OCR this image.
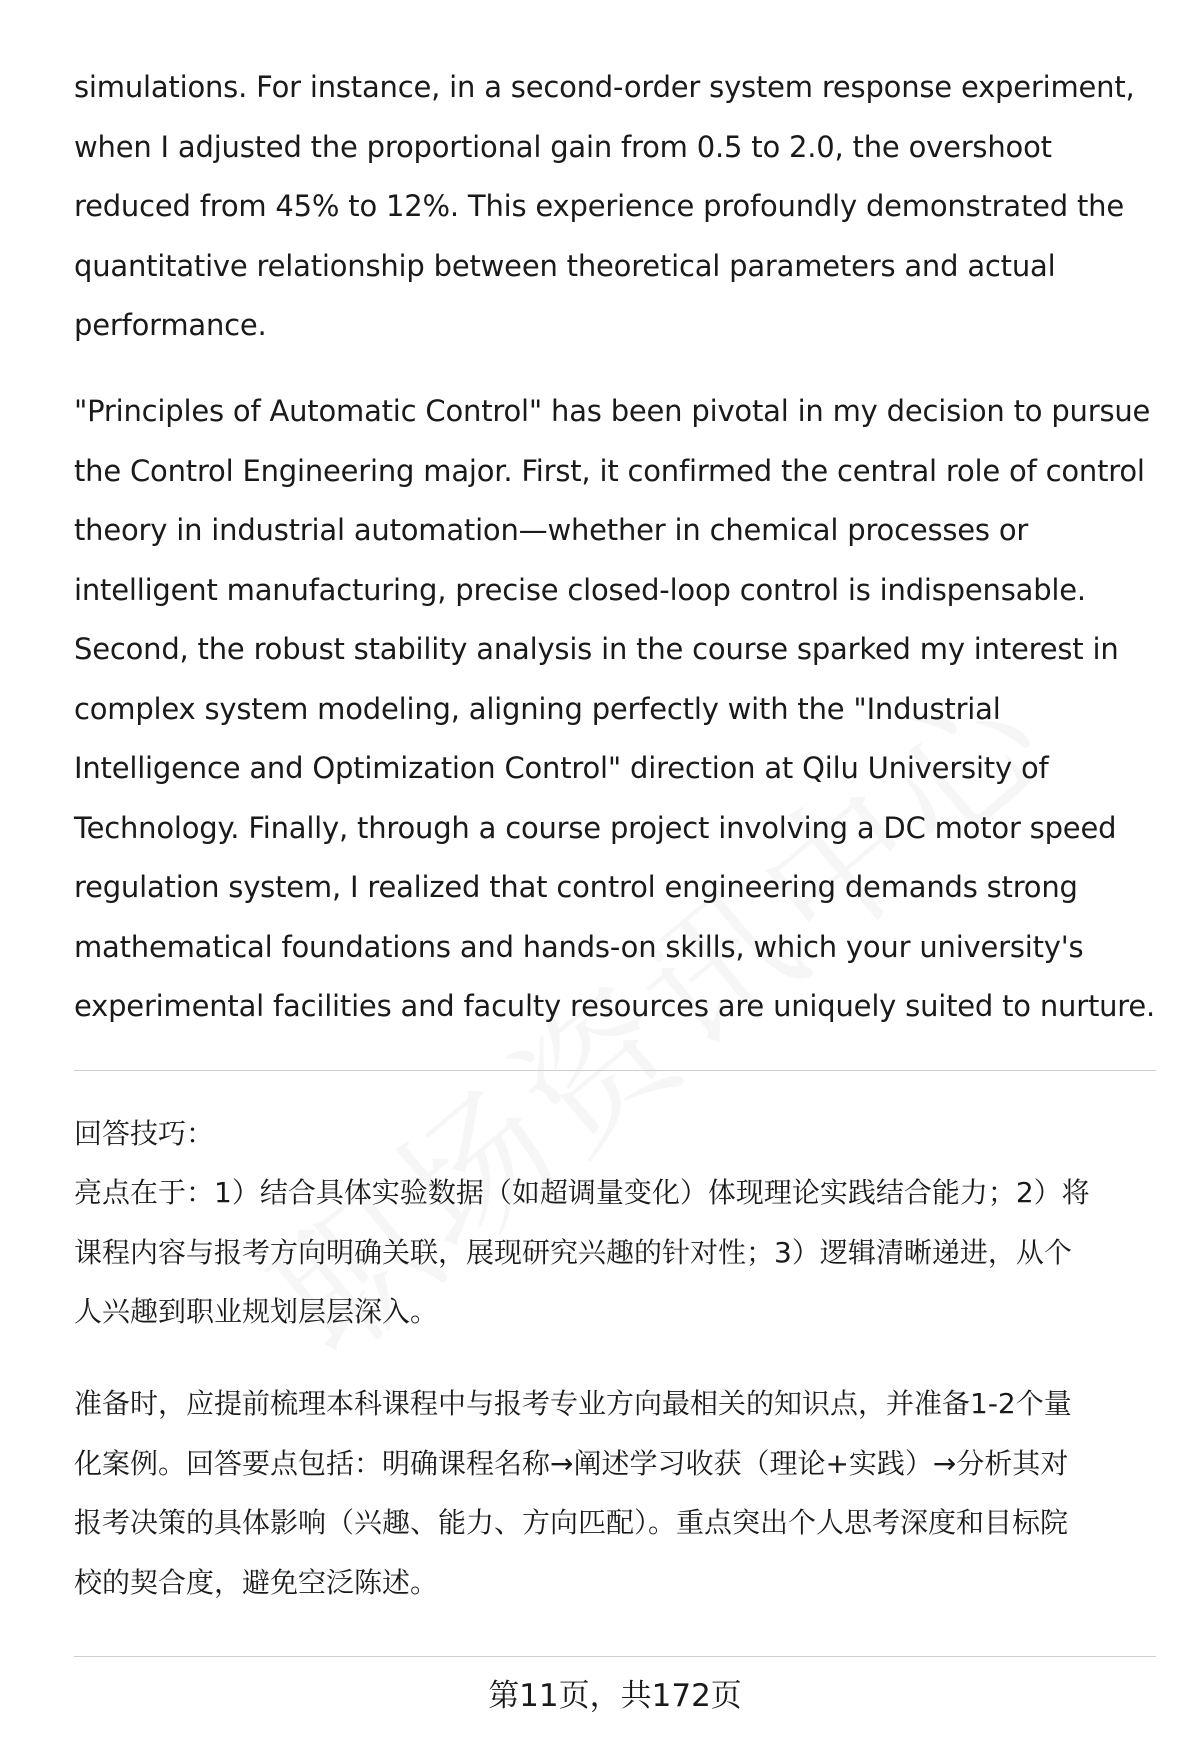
simulations. For instance, in a second-order system response experiment,
when I adjusted the proportional gain from 0.5 to 2.0, the overshoot
reduced from 45% to 12%. This experience profoundly demonstrated the
quantitative relationship between theoretical parameters and actual
performance.

"Principles of Automatic Control" has been pivotal in my decision to pursue
the Control Engineering major. First, it confirmed the central role of control
theory in industrial automation—whether in chemical processes or
intelligent manufacturing, precise closed-loop control is indispensable.
Second, the robust stability analysis in the course sparked my interest in
complex system modeling, aligning perfectly with the "Industrial
Intelligence and Optimization Control" direction at Qilu University of
Technology. Finally, through a course project involving a DC motor speed
regulation system, I realized that control engineering demands strong
mathematical foundations and hands-on skills, which your university's
experimental facilities and faculty resources are uniquely suited to nurture.

回答技巧：

亮点在于：1）结合具体实验数据（如超调量变化）体现理论实践结合能力；2）将
课程内容与报考方向明确关联，展现研究兴趣的针对性；3）逻辑清晰递进，从个
人兴趣到职业规划层层深入。

准备时，应提前梳理本科课程中与报考专业方向最相关的知识点，并准备1-2个量
化案例。回答要点包括：明确课程名称→阐述学习收获（理论+实践）→分析其对
报考决策的具体影响（兴趣、能力、方向匹配）。重点突出个人思考深度和目标院
校的契合度，避免空泛陈述。

第11页，共172页
